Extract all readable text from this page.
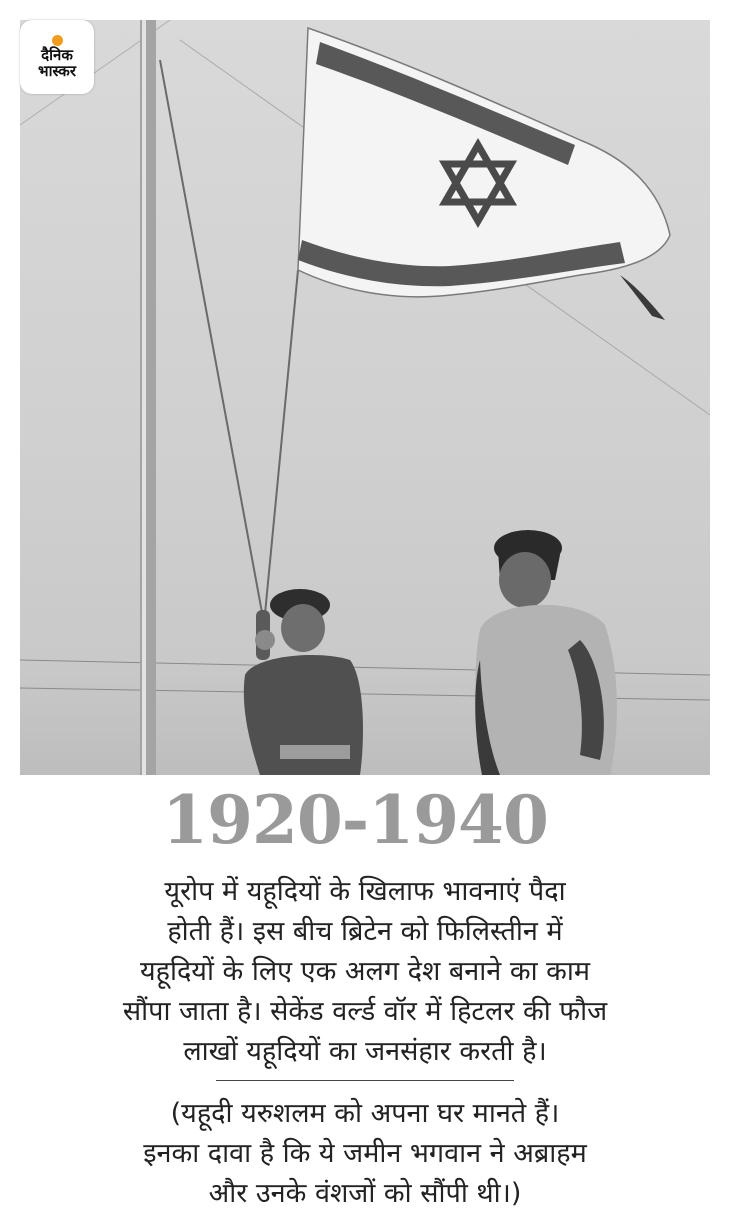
दैनिक
भास्कर
1920-1940
यूरोप में यहूदियों के खिलाफ भावनाएं पैदा
होती हैं। इस बीच ब्रिटेन को फिलिस्तीन में
यहूदियों के लिए एक अलग देश बनाने का काम
सौंपा जाता है। सेकेंड वर्ल्ड वॉर में हिटलर की फौज
लाखों यहूदियों का जनसंहार करती है।
(यहूदी यरुशलम को अपना घर मानते हैं।
इनका दावा है कि ये जमीन भगवान ने अब्राहम
और उनके वंशजों को सौंपी थी।)
